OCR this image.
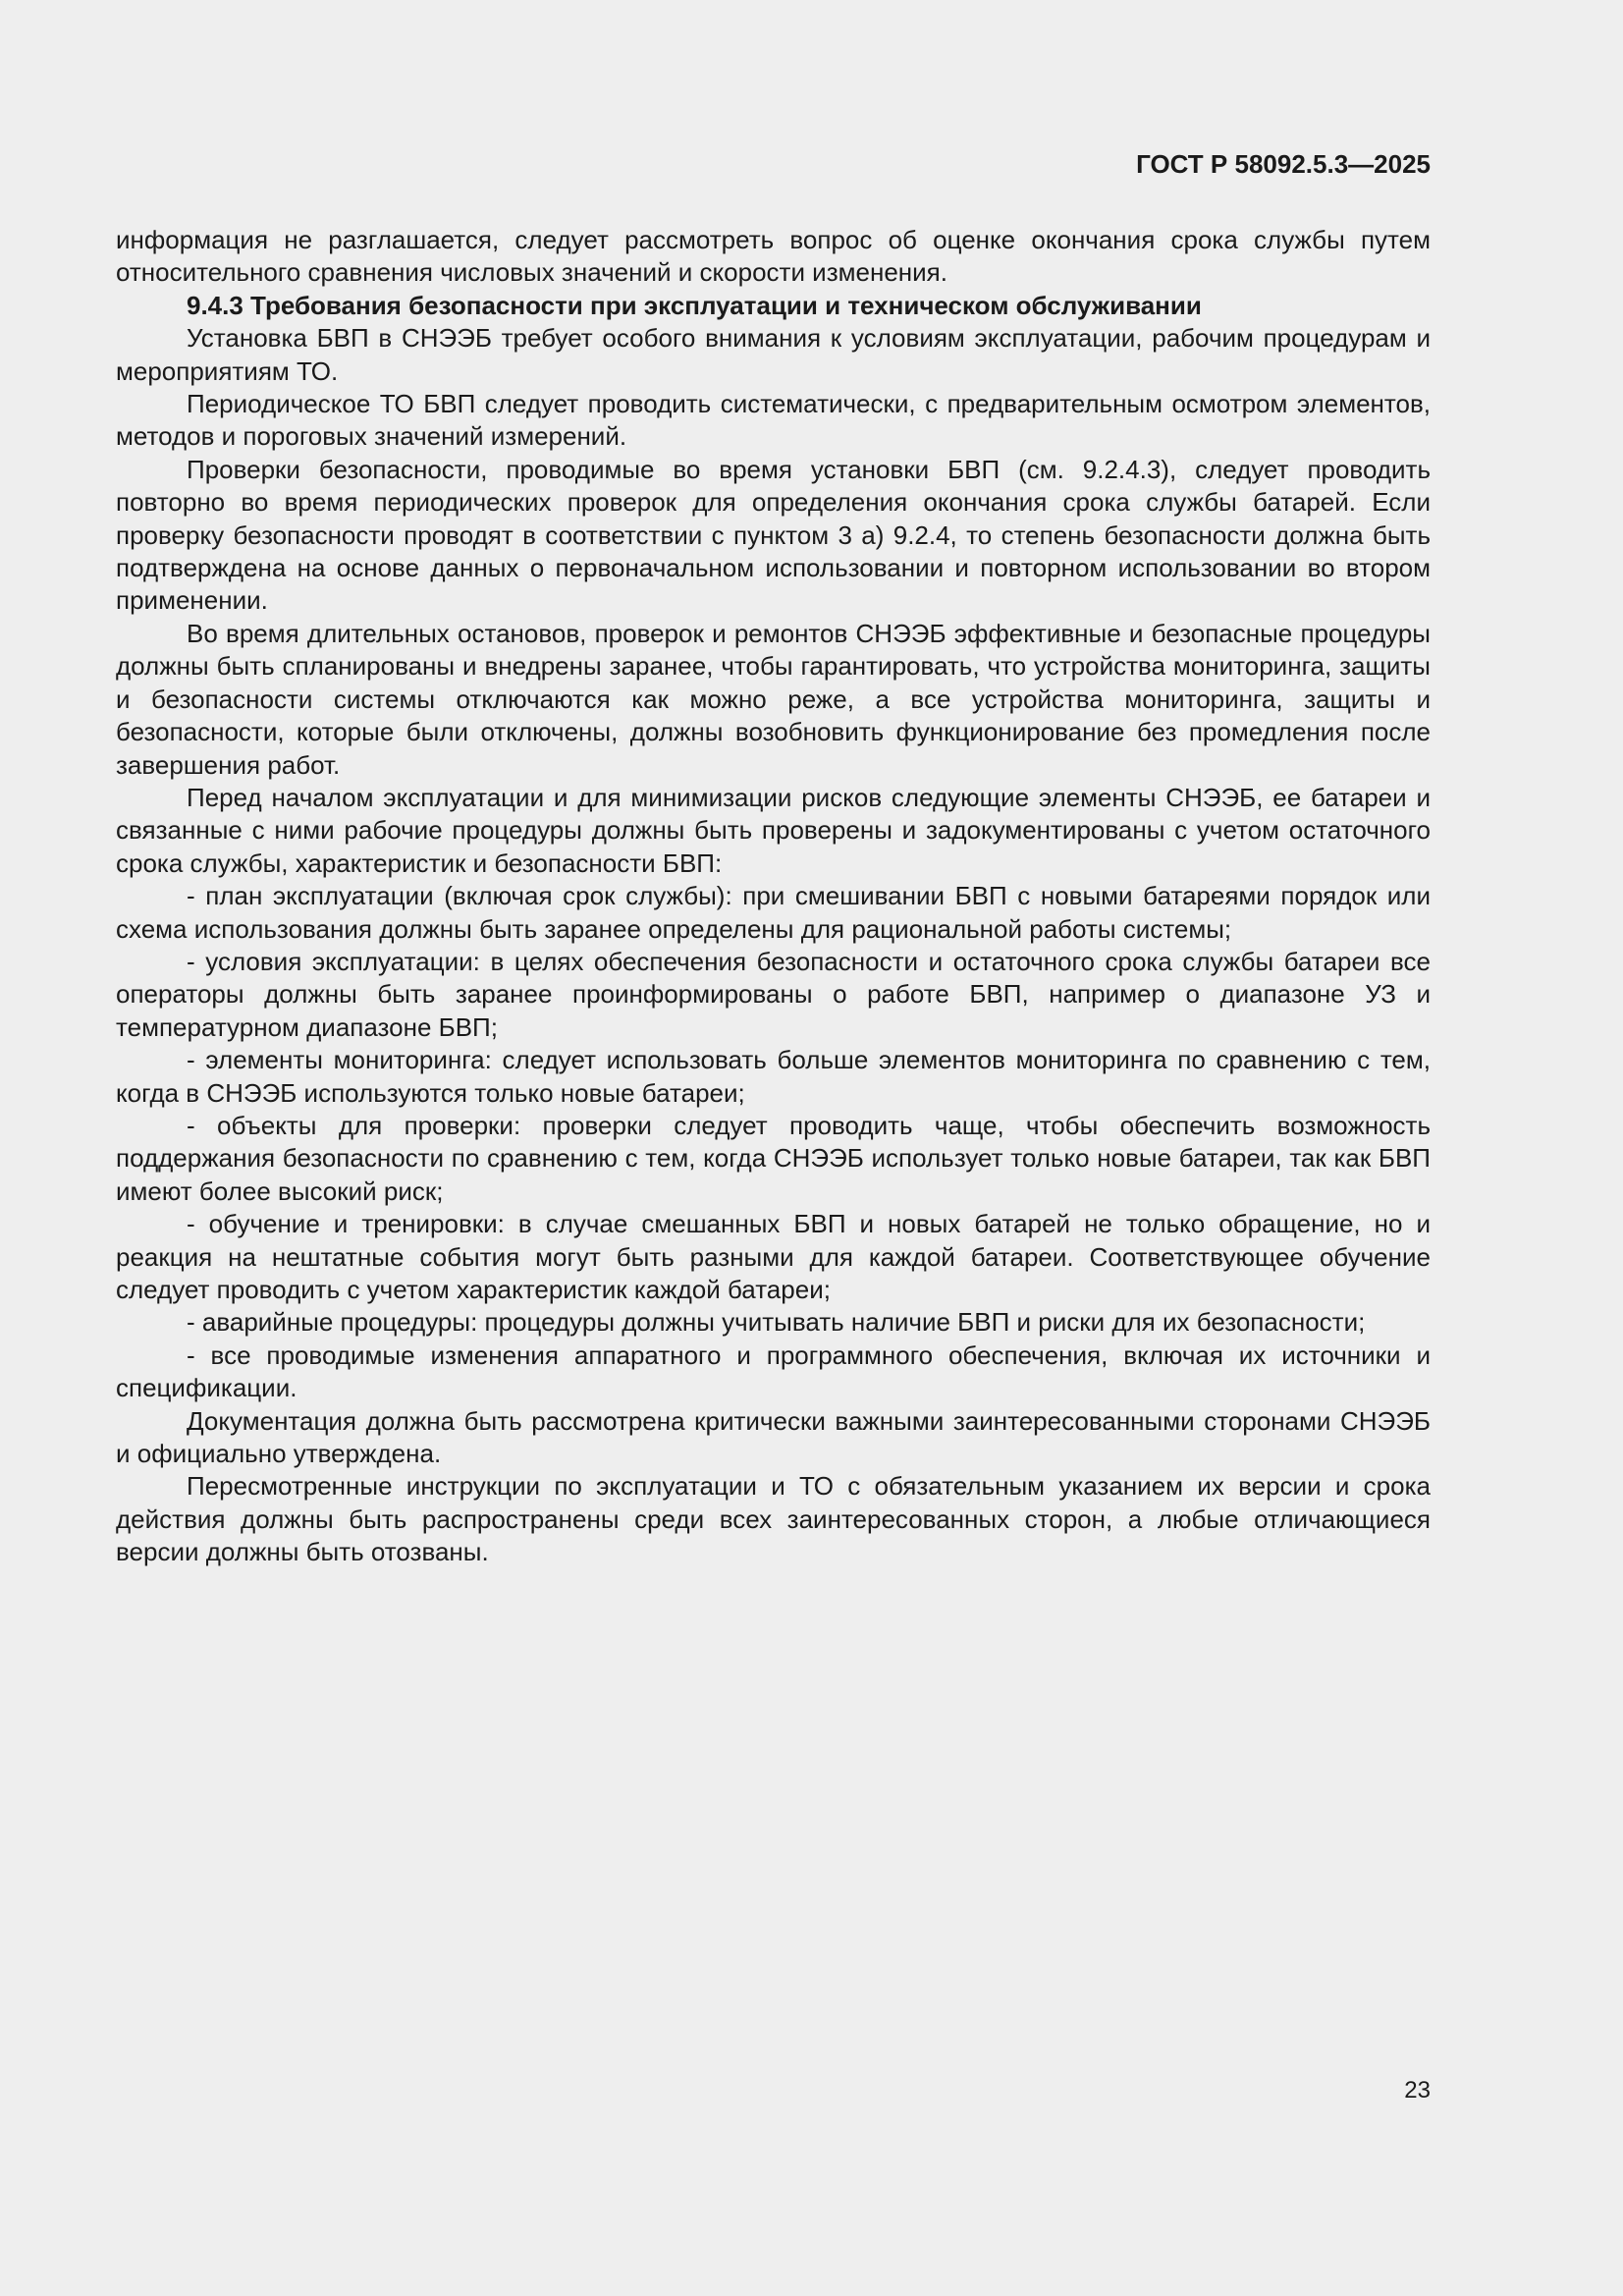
ГОСТ Р 58092.5.3—2025

информация не разглашается, следует рассмотреть вопрос об оценке окончания срока службы путем относительного сравнения числовых значений и скорости изменения.

9.4.3 Требования безопасности при эксплуатации и техническом обслуживании

Установка БВП в СНЭЭБ требует особого внимания к условиям эксплуатации, рабочим процедурам и мероприятиям ТО.

Периодическое ТО БВП следует проводить систематически, с предварительным осмотром элементов, методов и пороговых значений измерений.

Проверки безопасности, проводимые во время установки БВП (см. 9.2.4.3), следует проводить повторно во время периодических проверок для определения окончания срока службы батарей. Если проверку безопасности проводят в соответствии с пунктом 3 а) 9.2.4, то степень безопасности должна быть подтверждена на основе данных о первоначальном использовании и повторном использовании во втором применении.

Во время длительных остановов, проверок и ремонтов СНЭЭБ эффективные и безопасные процедуры должны быть спланированы и внедрены заранее, чтобы гарантировать, что устройства мониторинга, защиты и безопасности системы отключаются как можно реже, а все устройства мониторинга, защиты и безопасности, которые были отключены, должны возобновить функционирование без промедления после завершения работ.

Перед началом эксплуатации и для минимизации рисков следующие элементы СНЭЭБ, ее батареи и связанные с ними рабочие процедуры должны быть проверены и задокументированы с учетом остаточного срока службы, характеристик и безопасности БВП:

- план эксплуатации (включая срок службы): при смешивании БВП с новыми батареями порядок или схема использования должны быть заранее определены для рациональной работы системы;

- условия эксплуатации: в целях обеспечения безопасности и остаточного срока службы батареи все операторы должны быть заранее проинформированы о работе БВП, например о диапазоне УЗ и температурном диапазоне БВП;

- элементы мониторинга: следует использовать больше элементов мониторинга по сравнению с тем, когда в СНЭЭБ используются только новые батареи;

- объекты для проверки: проверки следует проводить чаще, чтобы обеспечить возможность поддержания безопасности по сравнению с тем, когда СНЭЭБ использует только новые батареи, так как БВП имеют более высокий риск;

- обучение и тренировки: в случае смешанных БВП и новых батарей не только обращение, но и реакция на нештатные события могут быть разными для каждой батареи. Соответствующее обучение следует проводить с учетом характеристик каждой батареи;

- аварийные процедуры: процедуры должны учитывать наличие БВП и риски для их безопасности;

- все проводимые изменения аппаратного и программного обеспечения, включая их источники и спецификации.

Документация должна быть рассмотрена критически важными заинтересованными сторонами СНЭЭБ и официально утверждена.

Пересмотренные инструкции по эксплуатации и ТО с обязательным указанием их версии и срока действия должны быть распространены среди всех заинтересованных сторон, а любые отличающиеся версии должны быть отозваны.

23
